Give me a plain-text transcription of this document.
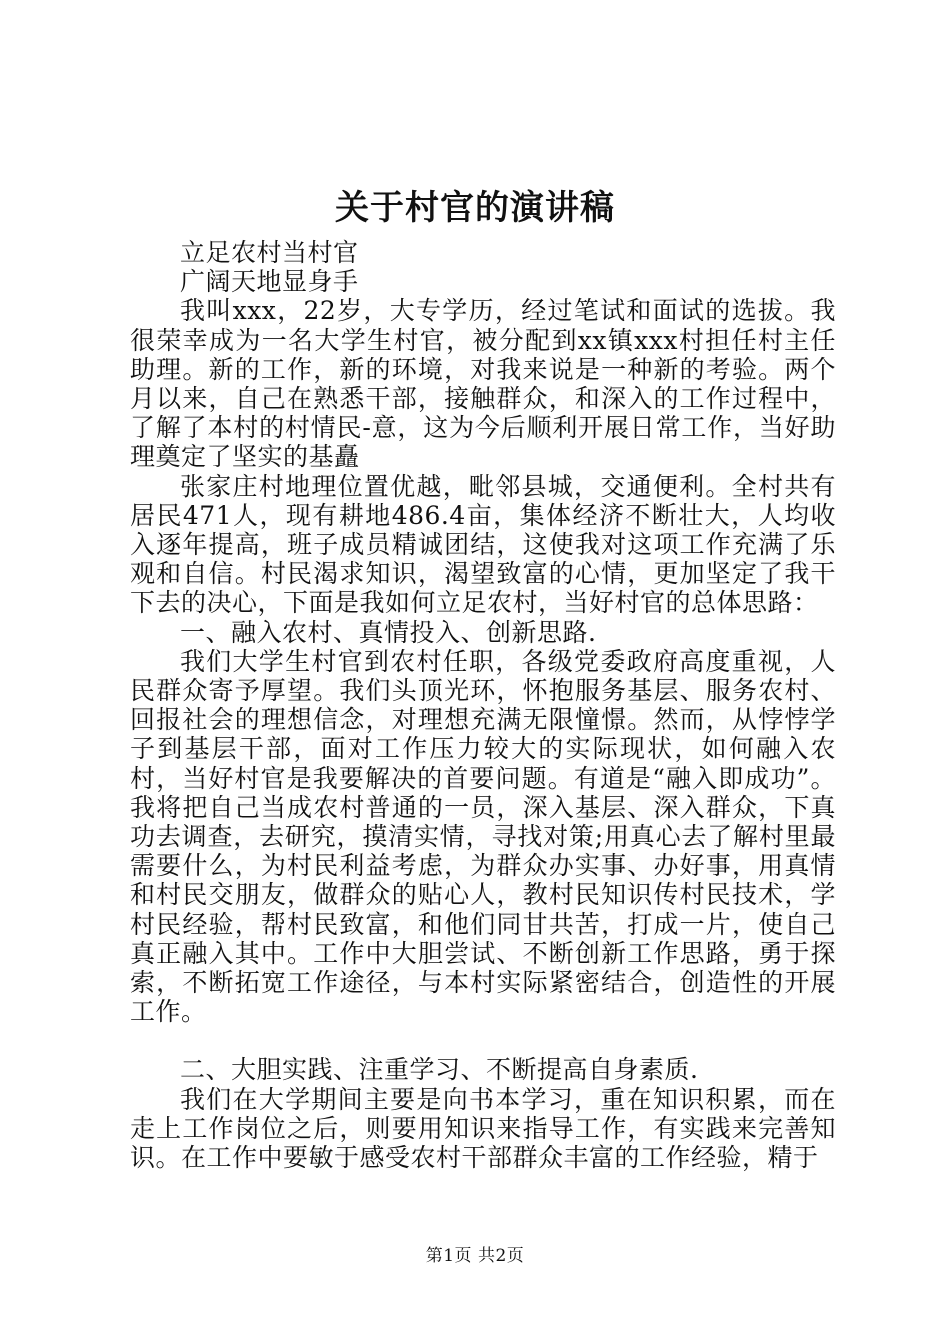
关于村官的演讲稿

立足农村当村官

广阔天地显身手

我叫xxx，22岁，大专学历，经过笔试和面试的选拔。我很荣幸成为一名大学生村官，被分配到xx镇xxx村担任村主任助理。新的工作，新的环境，对我来说是一种新的考验。两个月以来，自己在熟悉干部，接触群众，和深入的工作过程中，了解了本村的村情民-意，这为今后顺利开展日常工作，当好助理奠定了坚实的基矗

张家庄村地理位置优越，毗邻县城，交通便利。全村共有居民471人，现有耕地486.4亩，集体经济不断壮大，人均收入逐年提高，班子成员精诚团结，这使我对这项工作充满了乐观和自信。村民渴求知识，渴望致富的心情，更加坚定了我干下去的决心，下面是我如何立足农村，当好村官的总体思路：

一、融入农村、真情投入、创新思路.

我们大学生村官到农村任职，各级党委政府高度重视，人民群众寄予厚望。我们头顶光环，怀抱服务基层、服务农村、回报社会的理想信念，对理想充满无限憧憬。然而，从悖悖学子到基层干部，面对工作压力较大的实际现状，如何融入农村，当好村官是我要解决的首要问题。有道是“融入即成功”。我将把自己当成农村普通的一员，深入基层、深入群众，下真功去调查，去研究，摸清实情，寻找对策;用真心去了解村里最需要什么，为村民利益考虑，为群众办实事、办好事，用真情和村民交朋友，做群众的贴心人，教村民知识传村民技术，学村民经验，帮村民致富，和他们同甘共苦，打成一片，使自己真正融入其中。工作中大胆尝试、不断创新工作思路，勇于探索，不断拓宽工作途径，与本村实际紧密结合，创造性的开展工作。

二、大胆实践、注重学习、不断提高自身素质.

我们在大学期间主要是向书本学习，重在知识积累，而在走上工作岗位之后，则要用知识来指导工作，有实践来完善知识。在工作中要敏于感受农村干部群众丰富的工作经验，精于

第1页 共2页
